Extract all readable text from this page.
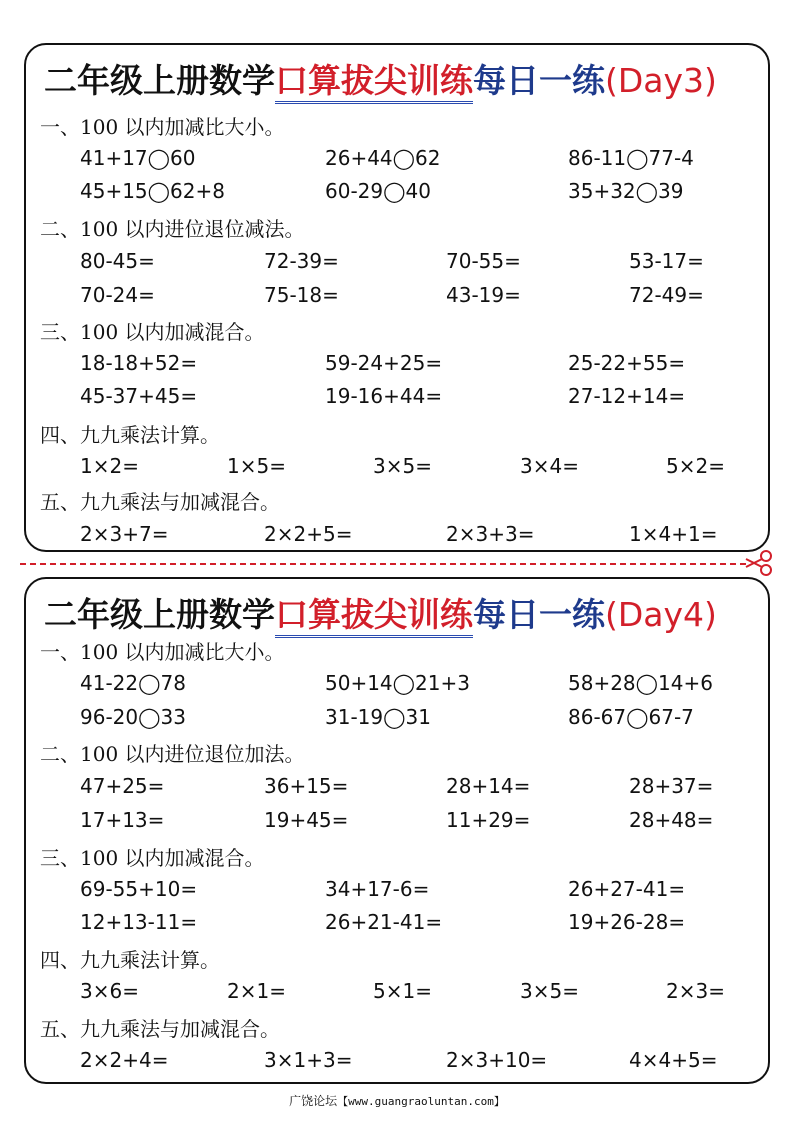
二年级上册数学口算拔尖训练每日一练(Day3)
一、100 以内加减比大小。
41+17◯60	26+44◯62	86-11◯77-4
45+15◯62+8	60-29◯40	35+32◯39
二、100 以内进位退位减法。
80-45=	72-39=	70-55=	53-17=
70-24=	75-18=	43-19=	72-49=
三、100 以内加减混合。
18-18+52=	59-24+25=	25-22+55=
45-37+45=	19-16+44=	27-12+14=
四、九九乘法计算。
1×2=	1×5=	3×5=	3×4=	5×2=
五、九九乘法与加减混合。
2×3+7=	2×2+5=	2×3+3=	1×4+1=
二年级上册数学口算拔尖训练每日一练(Day4)
一、100 以内加减比大小。
41-22◯78	50+14◯21+3	58+28◯14+6
96-20◯33	31-19◯31	86-67◯67-7
二、100 以内进位退位加法。
47+25=	36+15=	28+14=	28+37=
17+13=	19+45=	11+29=	28+48=
三、100 以内加减混合。
69-55+10=	34+17-6=	26+27-41=
12+13-11=	26+21-41=	19+26-28=
四、九九乘法计算。
3×6=	2×1=	5×1=	3×5=	2×3=
五、九九乘法与加减混合。
2×2+4=	3×1+3=	2×3+10=	4×4+5=
广饶论坛【www.guangraoluntan.com】
